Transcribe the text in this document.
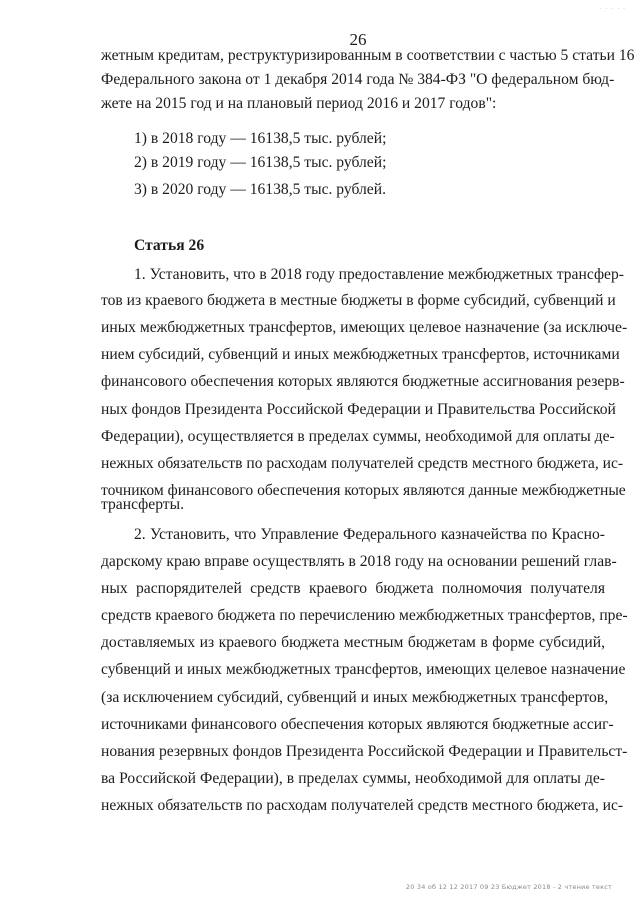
· · · · ·
26
жетным кредитам, реструктуризированным в соответствии с частью 5 статьи 16
Федерального закона от 1 декабря 2014 года № 384-ФЗ "О федеральном бюд-
жете на 2015 год и на плановый период 2016 и 2017 годов":
1) в 2018 году — 16138,5 тыс. рублей;
2) в 2019 году — 16138,5 тыс. рублей;
3) в 2020 году — 16138,5 тыс. рублей.
Статья 26
1. Установить, что в 2018 году предоставление межбюджетных трансфер-
тов из краевого бюджета в местные бюджеты в форме субсидий, субвенций и
иных межбюджетных трансфертов, имеющих целевое назначение (за исключе-
нием субсидий, субвенций и иных межбюджетных трансфертов, источниками
финансового обеспечения которых являются бюджетные ассигнования резерв-
ных фондов Президента Российской Федерации и Правительства Российской
Федерации), осуществляется в пределах суммы, необходимой для оплаты де-
нежных обязательств по расходам получателей средств местного бюджета, ис-
точником финансового обеспечения которых являются данные межбюджетные
трансферты.
2. Установить, что Управление Федерального казначейства по Красно-
дарскому краю вправе осуществлять в 2018 году на основании решений глав-
ных распорядителей средств краевого бюджета полномочия получателя
средств краевого бюджета по перечислению межбюджетных трансфертов, пре-
доставляемых из краевого бюджета местным бюджетам в форме субсидий,
субвенций и иных межбюджетных трансфертов, имеющих целевое назначение
(за исключением субсидий, субвенций и иных межбюджетных трансфертов,
источниками финансового обеспечения которых являются бюджетные ассиг-
нования резервных фондов Президента Российской Федерации и Правительст-
ва Российской Федерации), в пределах суммы, необходимой для оплаты де-
нежных обязательств по расходам получателей средств местного бюджета, ис-
20 34 об 12 12 2017 09 23 Бюджет 2018 - 2 чтение текст
